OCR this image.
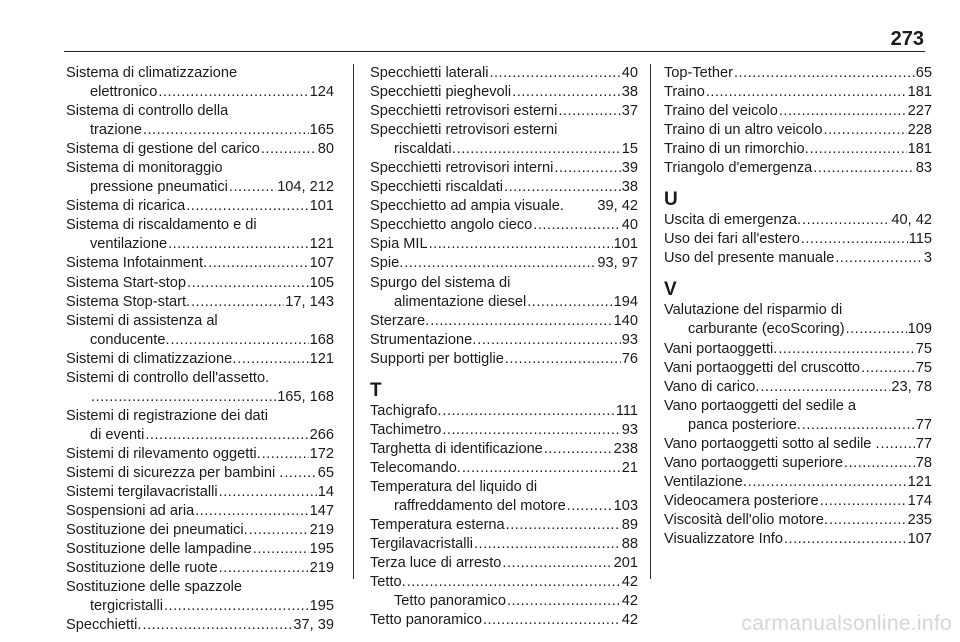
273
Sistema di climatizzazione
elettronico .....	124
Sistema di controllo della
trazione .....	165
Sistema di gestione del carico .....	80
Sistema di monitoraggio
pressione pneumatici .....	104, 212
Sistema di ricarica .....	101
Sistema di riscaldamento e di
ventilazione .....	121
Sistema Infotainment. .....	107
Sistema Start-stop .....	105
Sistema Stop-start. .....	17, 143
Sistemi di assistenza al
conducente. .....	168
Sistemi di climatizzazione. .....	121
Sistemi di controllo dell'assetto.
.....
165, 168
Sistemi di registrazione dei dati
di eventi .....	266
Sistemi di rilevamento oggetti. .....	172
Sistemi di sicurezza per bambini . ..... 65
Sistemi tergilavacristalli .....	14
Sospensioni ad aria .....	147
Sostituzione dei pneumatici. .....	219
Sostituzione delle lampadine .....	195
Sostituzione delle ruote .....	219
Sostituzione delle spazzole
tergicristalli .....	195
Specchietti. .....	37, 39
Specchietti laterali .....	40
Specchietti pieghevoli .....	38
Specchietti retrovisori esterni .....	37
Specchietti retrovisori esterni
riscaldati. .....	15
Specchietti retrovisori interni .....	39
Specchietti riscaldati .....	38
Specchietto ad ampia visuale. 39, 42
Specchietto angolo cieco .....	40
Spia MIL .....	101
Spie. .....	93, 97
Spurgo del sistema di
alimentazione diesel .....	194
Sterzare. .....	140
Strumentazione. .....	93
Supporti per bottiglie .....	76
T
Tachigrafo. .....	111
Tachimetro .....	93
Targhetta di identificazione .....	238
Telecomando. .....	21
Temperatura del liquido di
raffreddamento del motore .....	103
Temperatura esterna .....	89
Tergilavacristalli .....	88
Terza luce di arresto .....	201
Tetto. .....	42
Tetto panoramico .....	42
Tetto panoramico .....	42
Top-Tether .....	65
Traino .....	181
Traino del veicolo .....	227
Traino di un altro veicolo .....	228
Traino di un rimorchio. .....	181
Triangolo d'emergenza .....	83
U
Uscita di emergenza. .....	40, 42
Uso dei fari all'estero .....	115
Uso del presente manuale .....	3
V
Valutazione del risparmio di
carburante (ecoScoring) .....	109
Vani portaoggetti. .....	75
Vani portaoggetti del cruscotto .....	75
Vano di carico. .....	23, 78
Vano portaoggetti del sedile a
panca posteriore. .....	77
Vano portaoggetti sotto al sedile . ..... 77
Vano portaoggetti superiore .....	78
Ventilazione. .....	121
Videocamera posteriore .....	174
Viscosità dell'olio motore. .....	235
Visualizzatore Info .....	107
carmanualsonline.info
